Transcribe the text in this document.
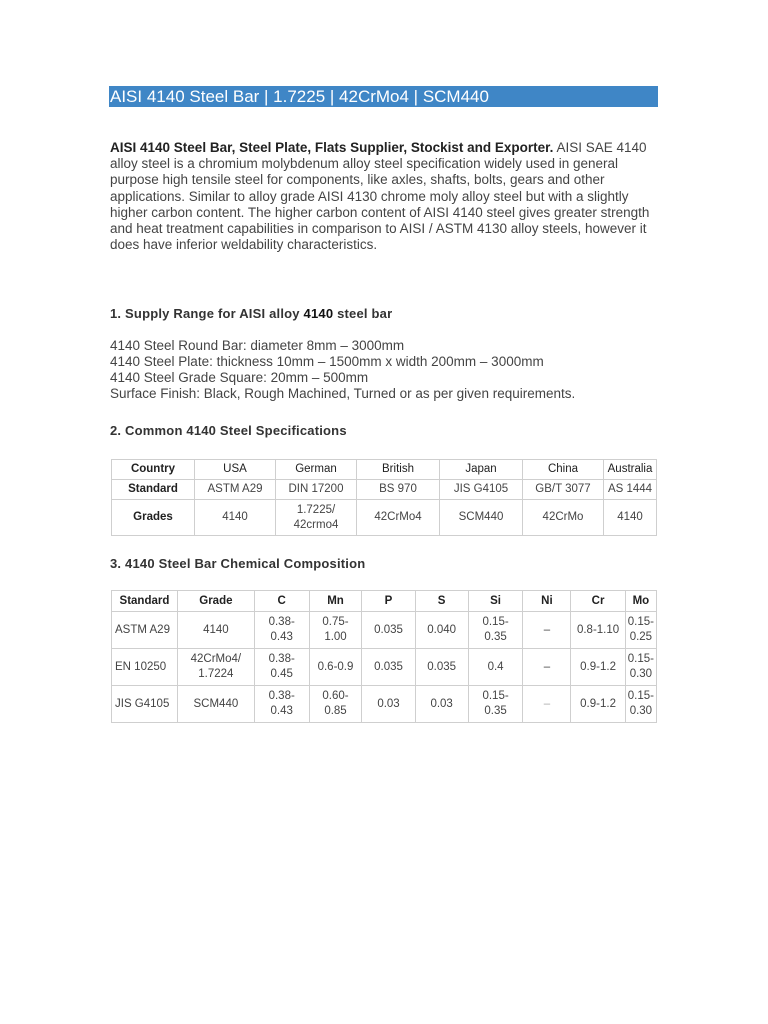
AISI 4140 Steel Bar | 1.7225 | 42CrMo4 | SCM440
AISI 4140 Steel Bar, Steel Plate, Flats Supplier, Stockist and Exporter. AISI SAE 4140 alloy steel is a chromium molybdenum alloy steel specification widely used in general purpose high tensile steel for components, like axles, shafts, bolts, gears and other applications. Similar to alloy grade AISI 4130 chrome moly alloy steel but with a slightly higher carbon content. The higher carbon content of AISI 4140 steel gives greater strength and heat treatment capabilities in comparison to AISI / ASTM 4130 alloy steels, however it does have inferior weldability characteristics.
1. Supply Range for AISI alloy 4140 steel bar
4140 Steel Round Bar: diameter 8mm – 3000mm
4140 Steel Plate: thickness 10mm – 1500mm x width 200mm – 3000mm
4140 Steel Grade Square: 20mm – 500mm
Surface Finish: Black, Rough Machined, Turned or as per given requirements.
2. Common 4140 Steel Specifications
Country	USA	German	British	Japan	China	Australia
Standard	ASTM A29	DIN 17200	BS 970	JIS G4105	GB/T 3077	AS 1444
Grades	4140	1.7225/
42crmo4	42CrMo4	SCM440	42CrMo	4140
3. 4140 Steel Bar Chemical Composition
Standard	Grade	C	Mn	P	S	Si	Ni	Cr	Mo
ASTM A29	4140	0.38-
0.43	0.75-
1.00	0.035	0.040	0.15-
0.35	–	0.8-1.10	0.15-
0.25
EN 10250	42CrMo4/
1.7224	0.38-
0.45	0.6-0.9	0.035	0.035	0.4	–	0.9-1.2	0.15-
0.30
JIS G4105	SCM440	0.38-
0.43	0.60-
0.85	0.03	0.03	0.15-
0.35	–	0.9-1.2	0.15-
0.30
